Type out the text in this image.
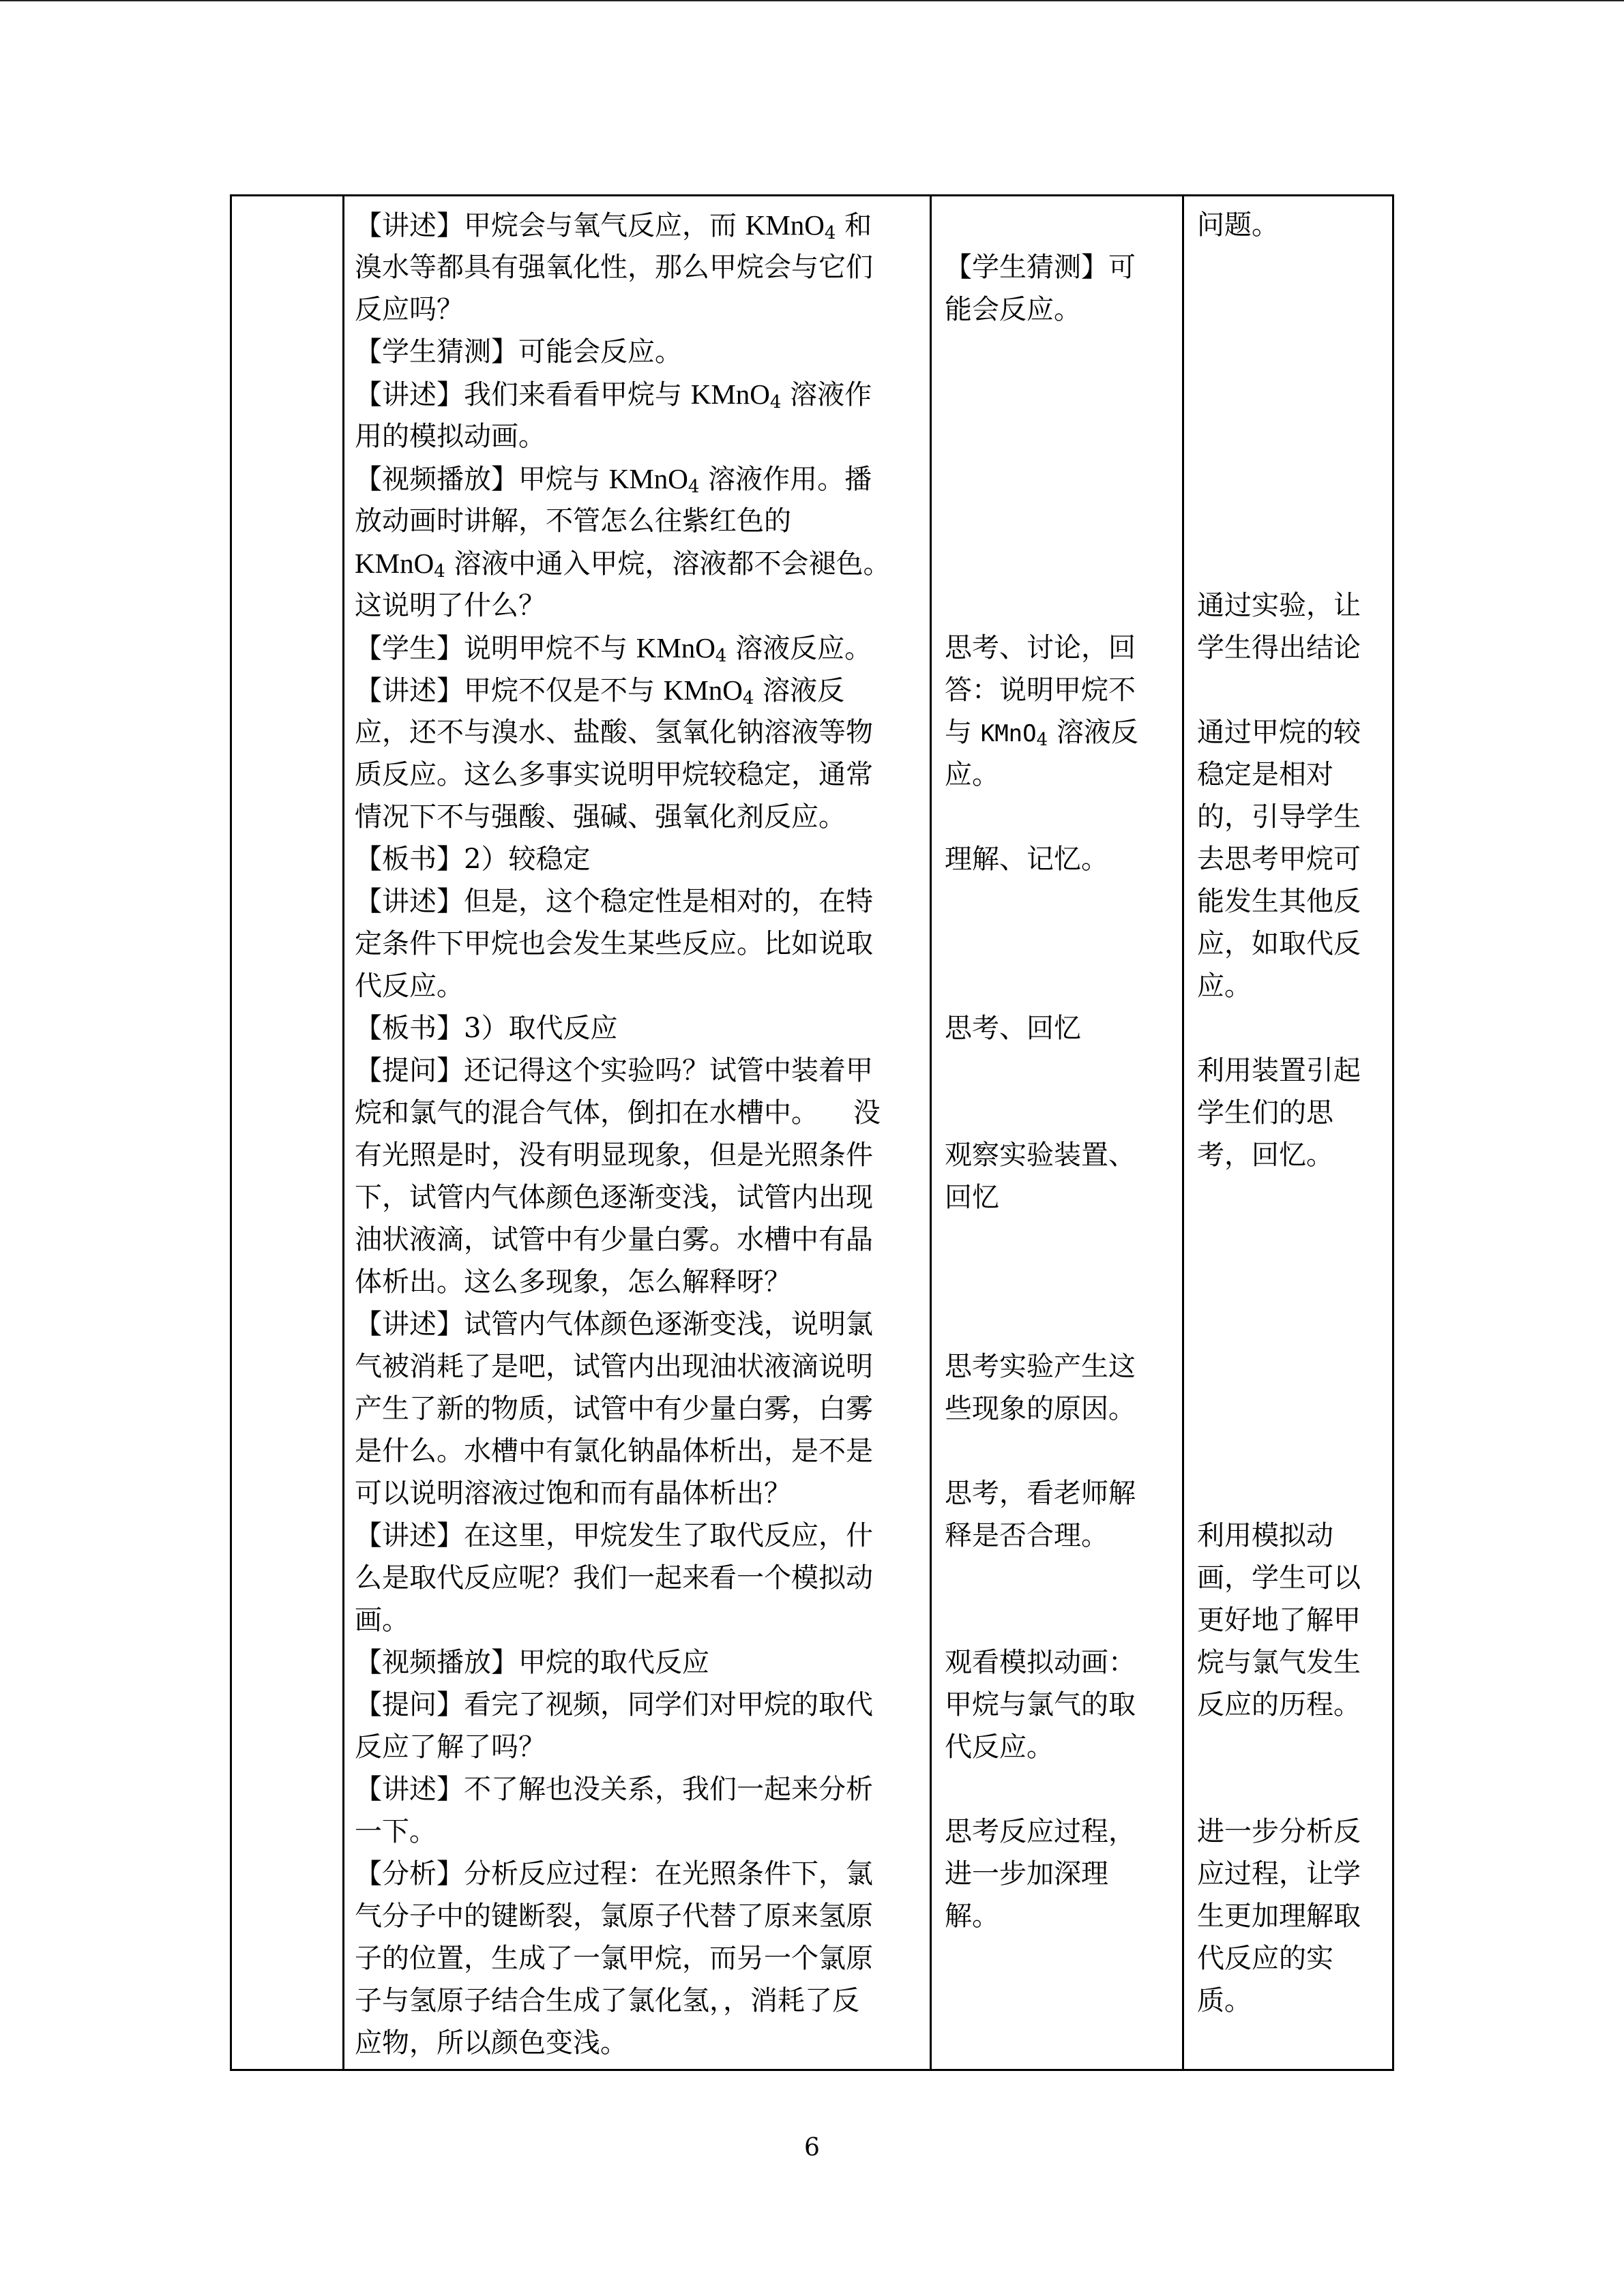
【讲述】甲烷会与氧气反应，而 KMnO$_4$ 和
溴水等都具有强氧化性，那么甲烷会与它们
反应吗？
【学生猜测】可能会反应。
【讲述】我们来看看甲烷与 KMnO$_4$ 溶液作
用的模拟动画。
【视频播放】甲烷与 KMnO$_4$ 溶液作用。播
放动画时讲解，不管怎么往紫红色的
KMnO$_4$ 溶液中通入甲烷，溶液都不会褪色。
这说明了什么？
【学生】说明甲烷不与 KMnO$_4$ 溶液反应。
【讲述】甲烷不仅是不与 KMnO$_4$ 溶液反
应，还不与溴水、盐酸、氢氧化钠溶液等物
质反应。这么多事实说明甲烷较稳定，通常
情况下不与强酸、强碱、强氧化剂反应。
【板书】2）较稳定
【讲述】但是，这个稳定性是相对的，在特
定条件下甲烷也会发生某些反应。比如说取
代反应。
【板书】3）取代反应
【提问】还记得这个实验吗？试管中装着甲
烷和氯气的混合气体，倒扣在水槽中。    没
有光照是时，没有明显现象，但是光照条件
下，试管内气体颜色逐渐变浅，试管内出现
油状液滴，试管中有少量白雾。水槽中有晶
体析出。这么多现象，怎么解释呀？
【讲述】试管内气体颜色逐渐变浅，说明氯
气被消耗了是吧，试管内出现油状液滴说明
产生了新的物质，试管中有少量白雾，白雾
是什么。水槽中有氯化钠晶体析出，是不是
可以说明溶液过饱和而有晶体析出？
【讲述】在这里，甲烷发生了取代反应，什
么是取代反应呢？我们一起来看一个模拟动
画。
【视频播放】甲烷的取代反应
【提问】看完了视频，同学们对甲烷的取代
反应了解了吗？
【讲述】不了解也没关系，我们一起来分析
一下。
【分析】分析反应过程：在光照条件下，氯
气分子中的键断裂，氯原子代替了原来氢原
子的位置，生成了一氯甲烷，而另一个氯原
子与氢原子结合生成了氯化氢，，消耗了反
应物，所以颜色变浅。
【学生猜测】可
能会反应。
思考、讨论，回
答：说明甲烷不
与 KMnO$_4$ 溶液反
应。
理解、记忆。
思考、回忆
观察实验装置、
回忆
思考实验产生这
些现象的原因。
思考，看老师解
释是否合理。
观看模拟动画：
甲烷与氯气的取
代反应。
思考反应过程，
进一步加深理
解。
问题。
通过实验，让
学生得出结论
通过甲烷的较
稳定是相对
的，引导学生
去思考甲烷可
能发生其他反
应，如取代反
应。
利用装置引起
学生们的思
考，回忆。
利用模拟动
画，学生可以
更好地了解甲
烷与氯气发生
反应的历程。
进一步分析反
应过程，让学
生更加理解取
代反应的实
质。
6
